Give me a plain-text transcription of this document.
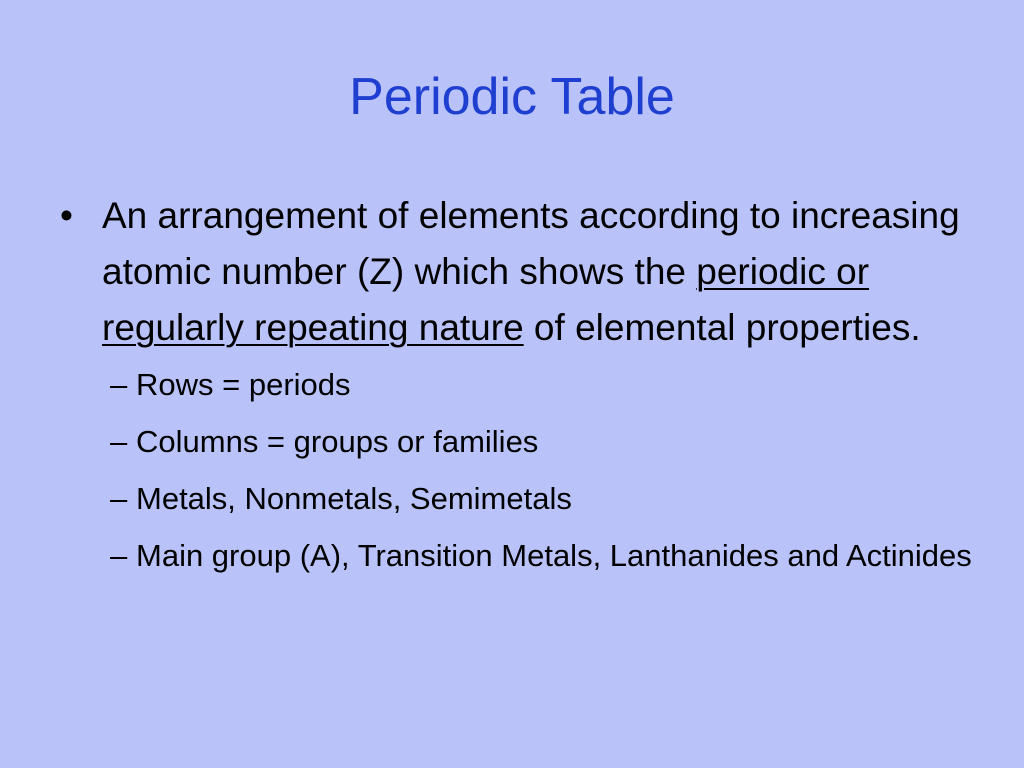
Periodic Table
• An arrangement of elements according to increasing atomic number (Z) which shows the periodic or regularly repeating nature of elemental properties.
– Rows = periods
– Columns = groups or families
– Metals, Nonmetals, Semimetals
– Main group (A), Transition Metals, Lanthanides and Actinides
